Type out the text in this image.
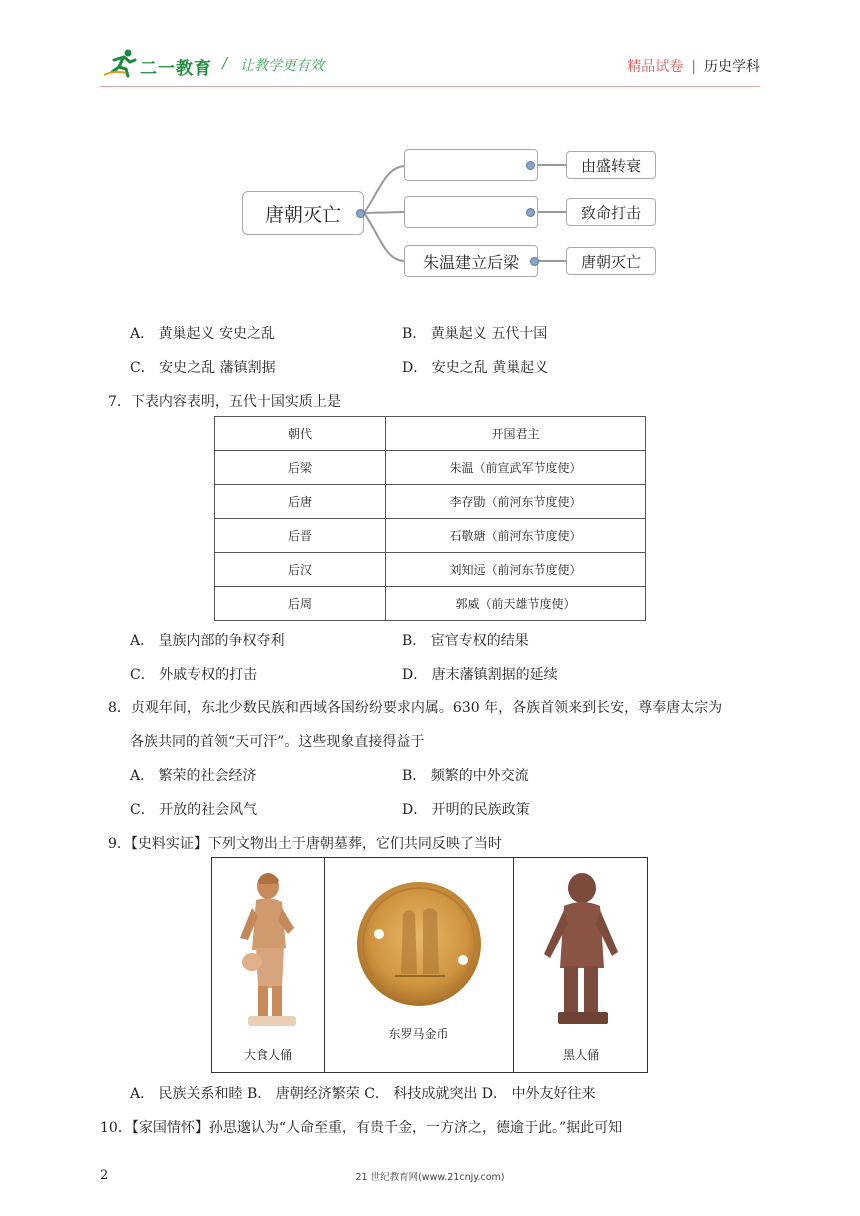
二一教育 / 让教学更有效	精品试卷 | 历史学科
唐朝灭亡
朱温建立后梁
由盛转衰
致命打击
唐朝灭亡
A． 黄巢起义 安史之乱	B． 黄巢起义 五代十国
C． 安史之乱 藩镇割据	D． 安史之乱 黄巢起义
7．下表内容表明，五代十国实质上是
朝代	开国君主
后梁	朱温（前宣武军节度使）
后唐	李存勖（前河东节度使）
后晋	石敬瑭（前河东节度使）
后汉	刘知远（前河东节度使）
后周	郭威（前天雄节度使）
A． 皇族内部的争权夺利	B． 宦官专权的结果
C． 外戚专权的打击	D． 唐末藩镇割据的延续
8．贞观年间，东北少数民族和西域各国纷纷要求内属。630 年，各族首领来到长安，尊奉唐太宗为
各族共同的首领“天可汗”。这些现象直接得益于
A． 繁荣的社会经济	B． 频繁的中外交流
C． 开放的社会风气	D． 开明的民族政策
9．【史料实证】下列文物出土于唐朝墓葬，它们共同反映了当时
大食人俑
东罗马金币
黑人俑
A． 民族关系和睦 B． 唐朝经济繁荣 C． 科技成就突出 D． 中外友好往来
10．【家国情怀】孙思邈认为“人命至重，有贵千金，一方济之，德逾于此。”据此可知
2	21 世纪教育网(www.21cnjy.com)
